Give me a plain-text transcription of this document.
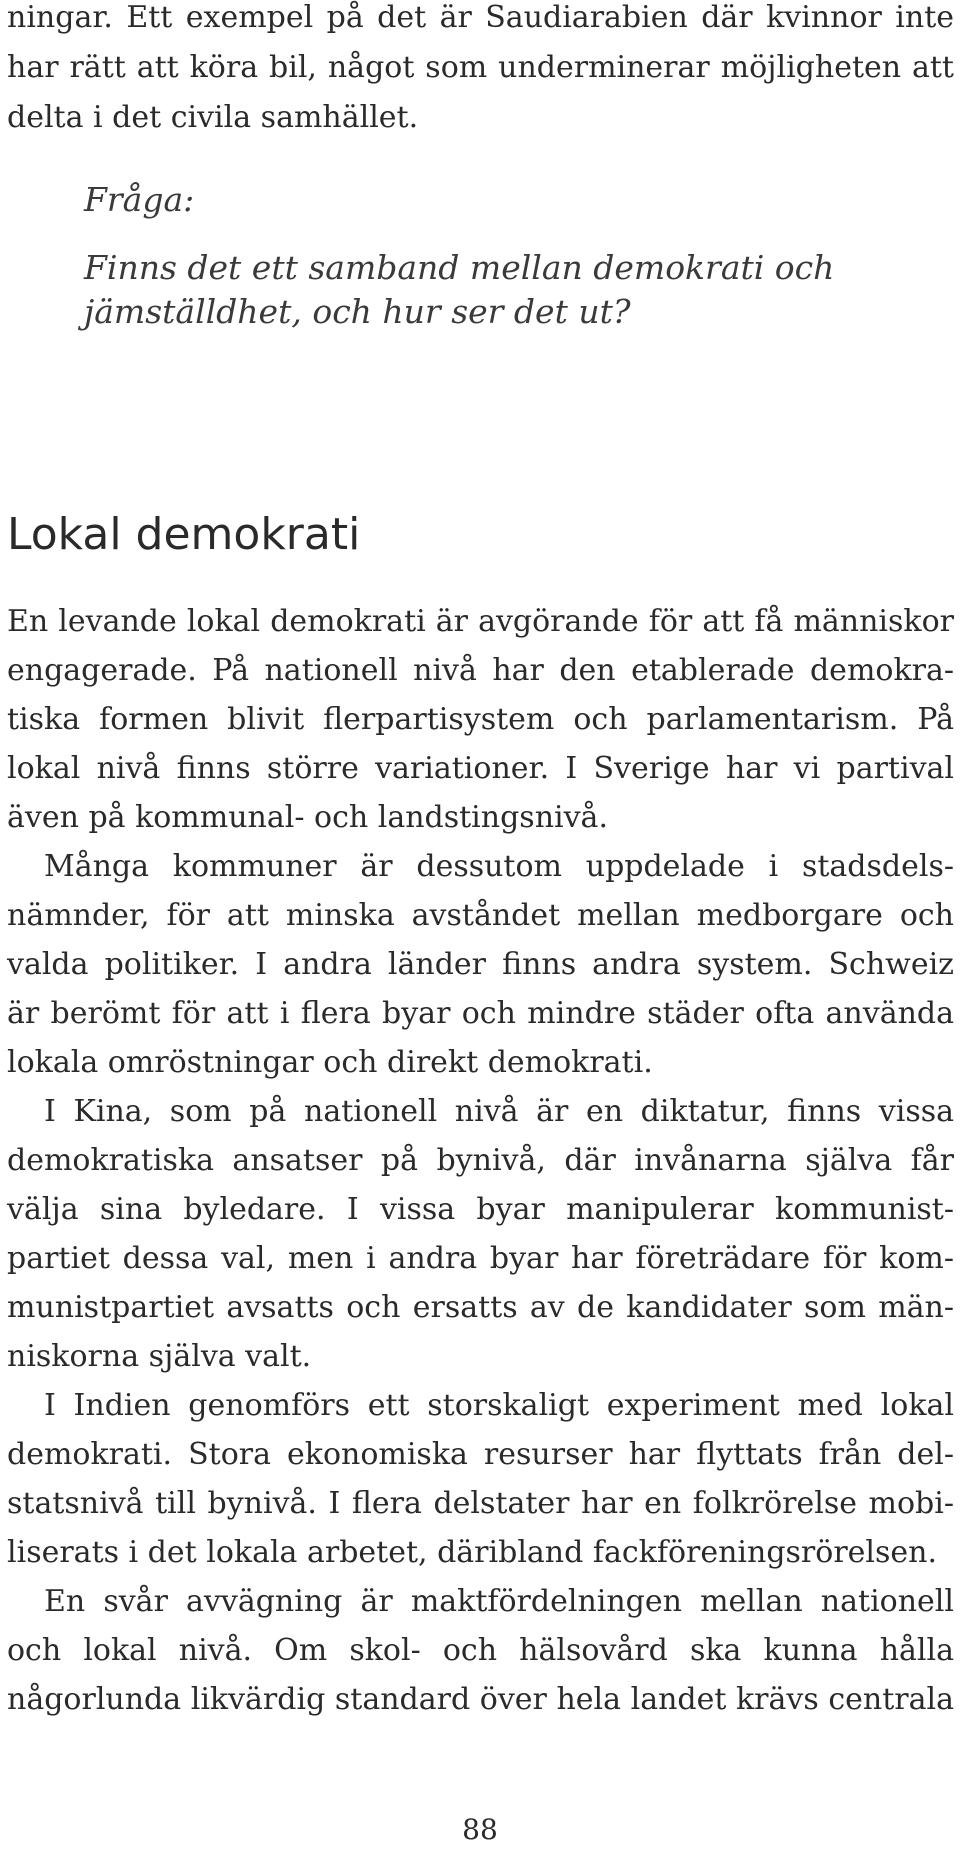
ningar. Ett exempel på det är Saudiarabien där kvinnor inte
har rätt att köra bil, något som underminerar möjligheten att
delta i det civila samhället.
Fråga:
Finns det ett samband mellan demokrati och
jämställdhet, och hur ser det ut?
Lokal demokrati
En levande lokal demokrati är avgörande för att få människor
engagerade. På nationell nivå har den etablerade demokra-
tiska formen blivit flerpartisystem och parlamentarism. På
lokal nivå finns större variationer. I Sverige har vi partival
även på kommunal- och landstingsnivå.
Många kommuner är dessutom uppdelade i stadsdels-
nämnder, för att minska avståndet mellan medborgare och
valda politiker. I andra länder finns andra system. Schweiz
är berömt för att i flera byar och mindre städer ofta använda
lokala omröstningar och direkt demokrati.
I Kina, som på nationell nivå är en diktatur, finns vissa
demokratiska ansatser på bynivå, där invånarna själva får
välja sina byledare. I vissa byar manipulerar kommunist-
partiet dessa val, men i andra byar har företrädare för kom-
munistpartiet avsatts och ersatts av de kandidater som män-
niskorna själva valt.
I Indien genomförs ett storskaligt experiment med lokal
demokrati. Stora ekonomiska resurser har flyttats från del-
statsnivå till bynivå. I flera delstater har en folkrörelse mobi-
liserats i det lokala arbetet, däribland fackföreningsrörelsen.
En svår avvägning är maktfördelningen mellan nationell
och lokal nivå. Om skol- och hälsovård ska kunna hålla
någorlunda likvärdig standard över hela landet krävs centrala
88
